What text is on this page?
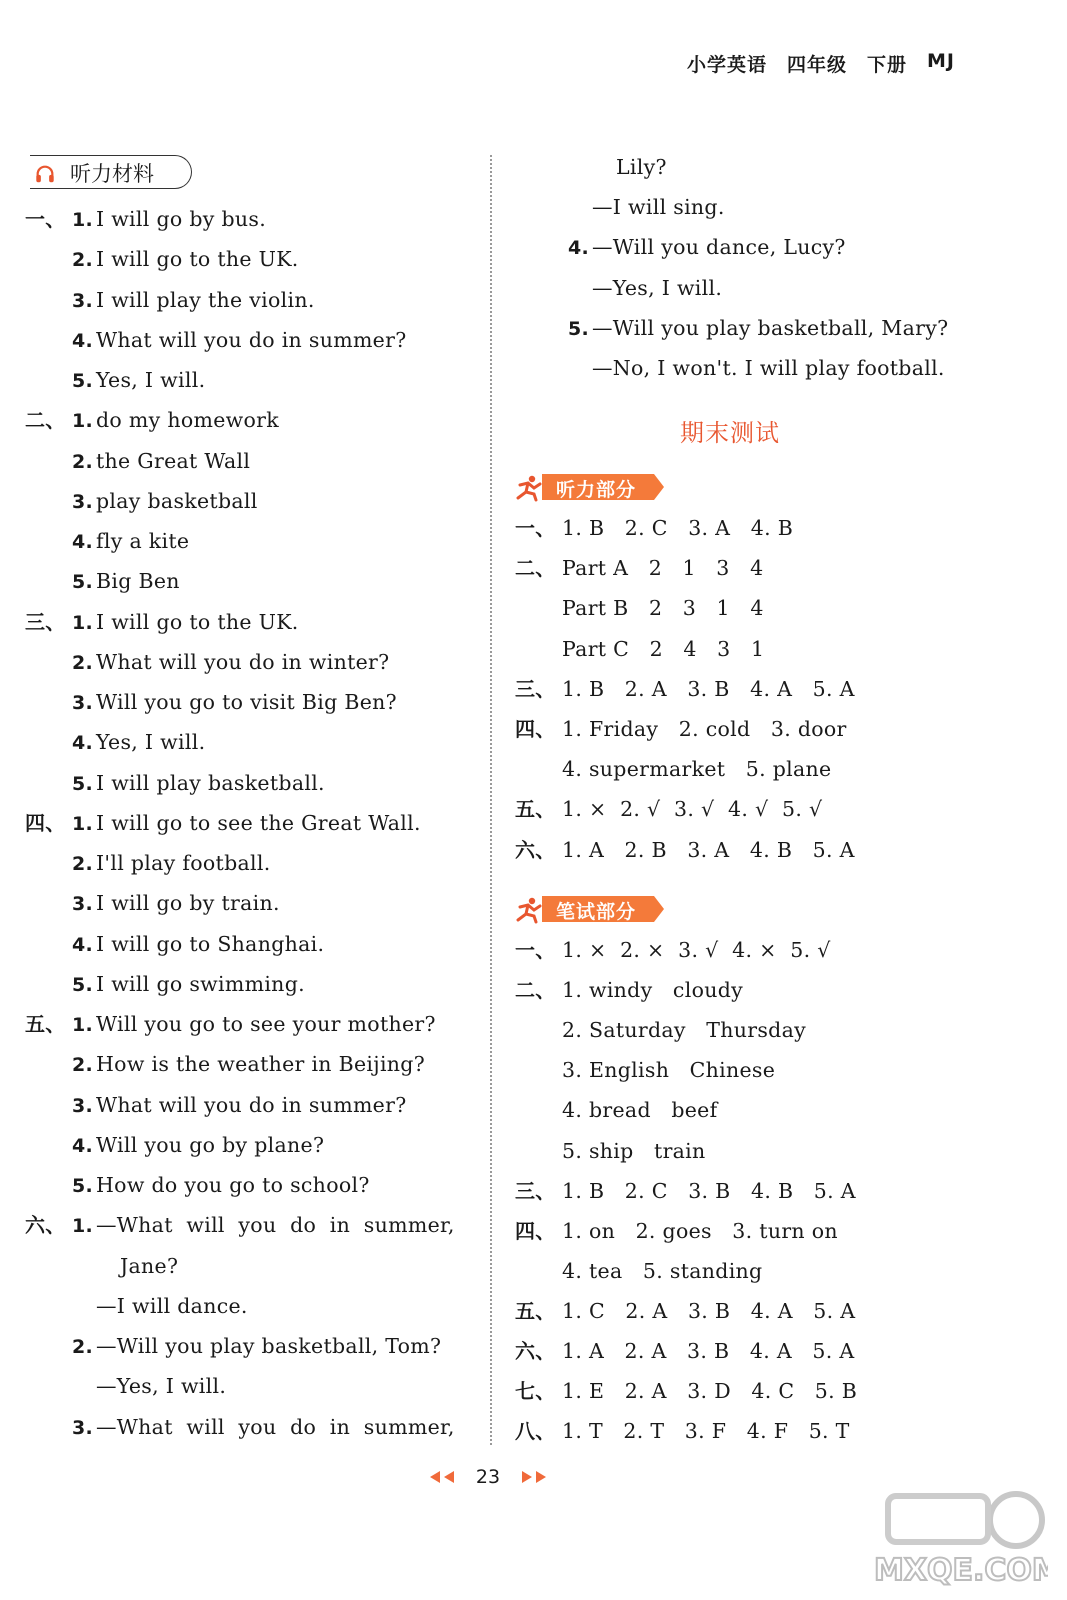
小学英语 四年级 下册 MJ
听力材料
一、 1. I will go by bus.
2. I will go to the UK.
3. I will play the violin.
4. What will you do in summer?
5. Yes, I will.
二、 1. do my homework
2. the Great Wall
3. play basketball
4. fly a kite
5. Big Ben
三、 1. I will go to the UK.
2. What will you do in winter?
3. Will you go to visit Big Ben?
4. Yes, I will.
5. I will play basketball.
四、 1. I will go to see the Great Wall.
2. I'll play football.
3. I will go by train.
4. I will go to Shanghai.
5. I will go swimming.
五、 1. Will you go to see your mother?
2. How is the weather in Beijing?
3. What will you do in summer?
4. Will you go by plane?
5. How do you go to school?
六、 1. —What  will  you  do  in  summer,
Jane?
—I will dance.
2. —Will you play basketball, Tom?
—Yes, I will.
3. —What  will  you  do  in  summer,
Lily?
—I will sing.
4. —Will you dance, Lucy?
—Yes, I will.
5. —Will you play basketball, Mary?
—No, I won't. I will play football.
期末测试
听力部分
一、 1. B   2. C   3. A   4. B
二、 Part A   2   1   3   4
Part B   2   3   1   4
Part C   2   4   3   1
三、 1. B   2. A   3. B   4. A   5. A
四、 1. Friday   2. cold   3. door
4. supermarket   5. plane
五、 1. ×  2. √  3. √  4. √  5. √
六、 1. A   2. B   3. A   4. B   5. A
笔试部分
一、 1. ×  2. ×  3. √  4. ×  5. √
二、 1. windy   cloudy
2. Saturday   Thursday
3. English   Chinese
4. bread   beef
5. ship   train
三、 1. B   2. C   3. B   4. B   5. A
四、 1. on   2. goes   3. turn on
4. tea   5. standing
五、 1. C   2. A   3. B   4. A   5. A
六、 1. A   2. A   3. B   4. A   5. A
七、 1. E   2. A   3. D   4. C   5. B
八、 1. T   2. T   3. F   4. F   5. T
23
MXQE.COM
